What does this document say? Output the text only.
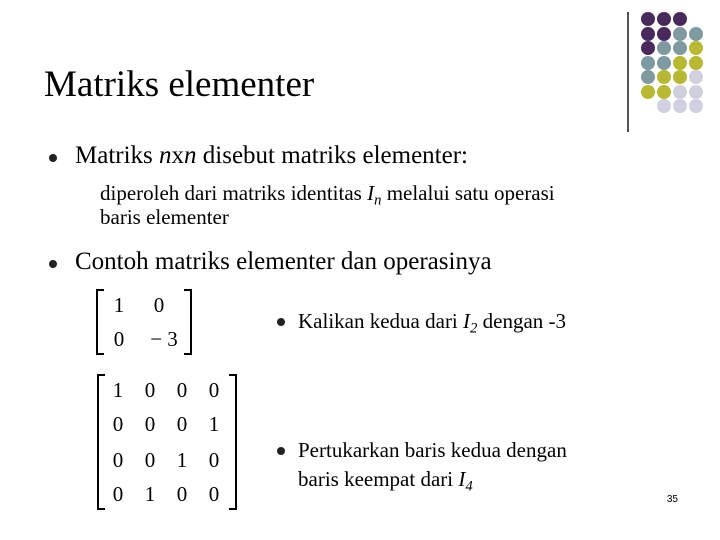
Matriks elementer
Matriks nxn disebut matriks elementer:
diperoleh dari matriks identitas $I_n$ melalui satu operasi
baris elementer
Contoh matriks elementer dan operasinya
1	0
0	− 3
Kalikan kedua dari $I_2$ dengan -3
1	0	0	0
0	0	0	1
0	0	1	0
0	1	0	0
Pertukarkan baris kedua dengan
baris keempat dari $I_4$
35
